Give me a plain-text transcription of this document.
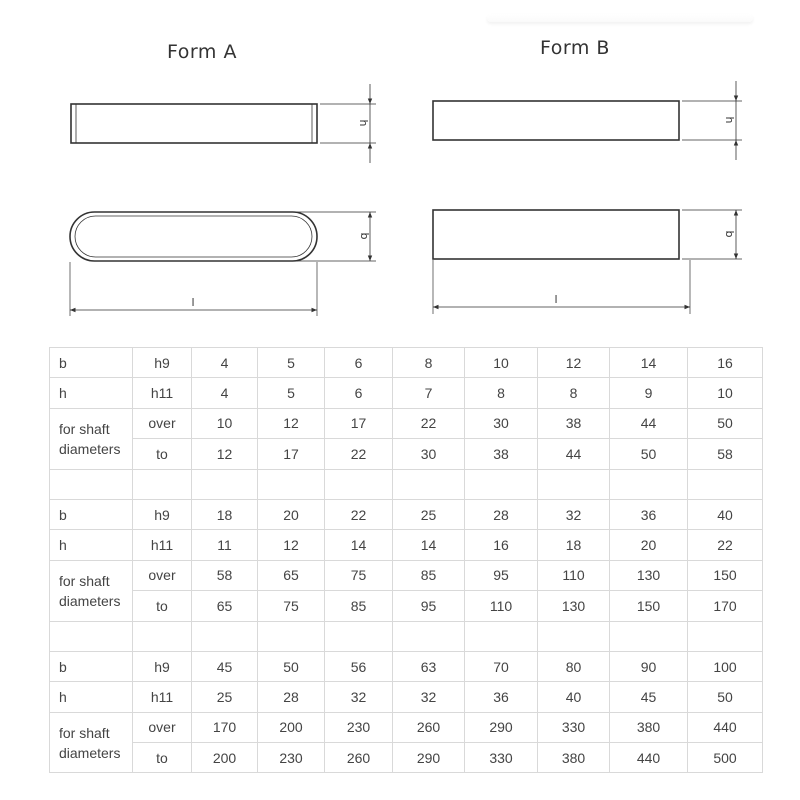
Form A	Form B
h
b
l
h
b
l
b	h9	4	5	6	8	10	12	14	16
h	h11	4	5	6	7	8	8	9	10
for shaft diameters	over	10	12	17	22	30	38	44	50
	to	12	17	22	30	38	44	50	58

b	h9	18	20	22	25	28	32	36	40
h	h11	11	12	14	14	16	18	20	22
for shaft diameters	over	58	65	75	85	95	110	130	150
	to	65	75	85	95	110	130	150	170

b	h9	45	50	56	63	70	80	90	100
h	h11	25	28	32	32	36	40	45	50
for shaft diameters	over	170	200	230	260	290	330	380	440
	to	200	230	260	290	330	380	440	500
